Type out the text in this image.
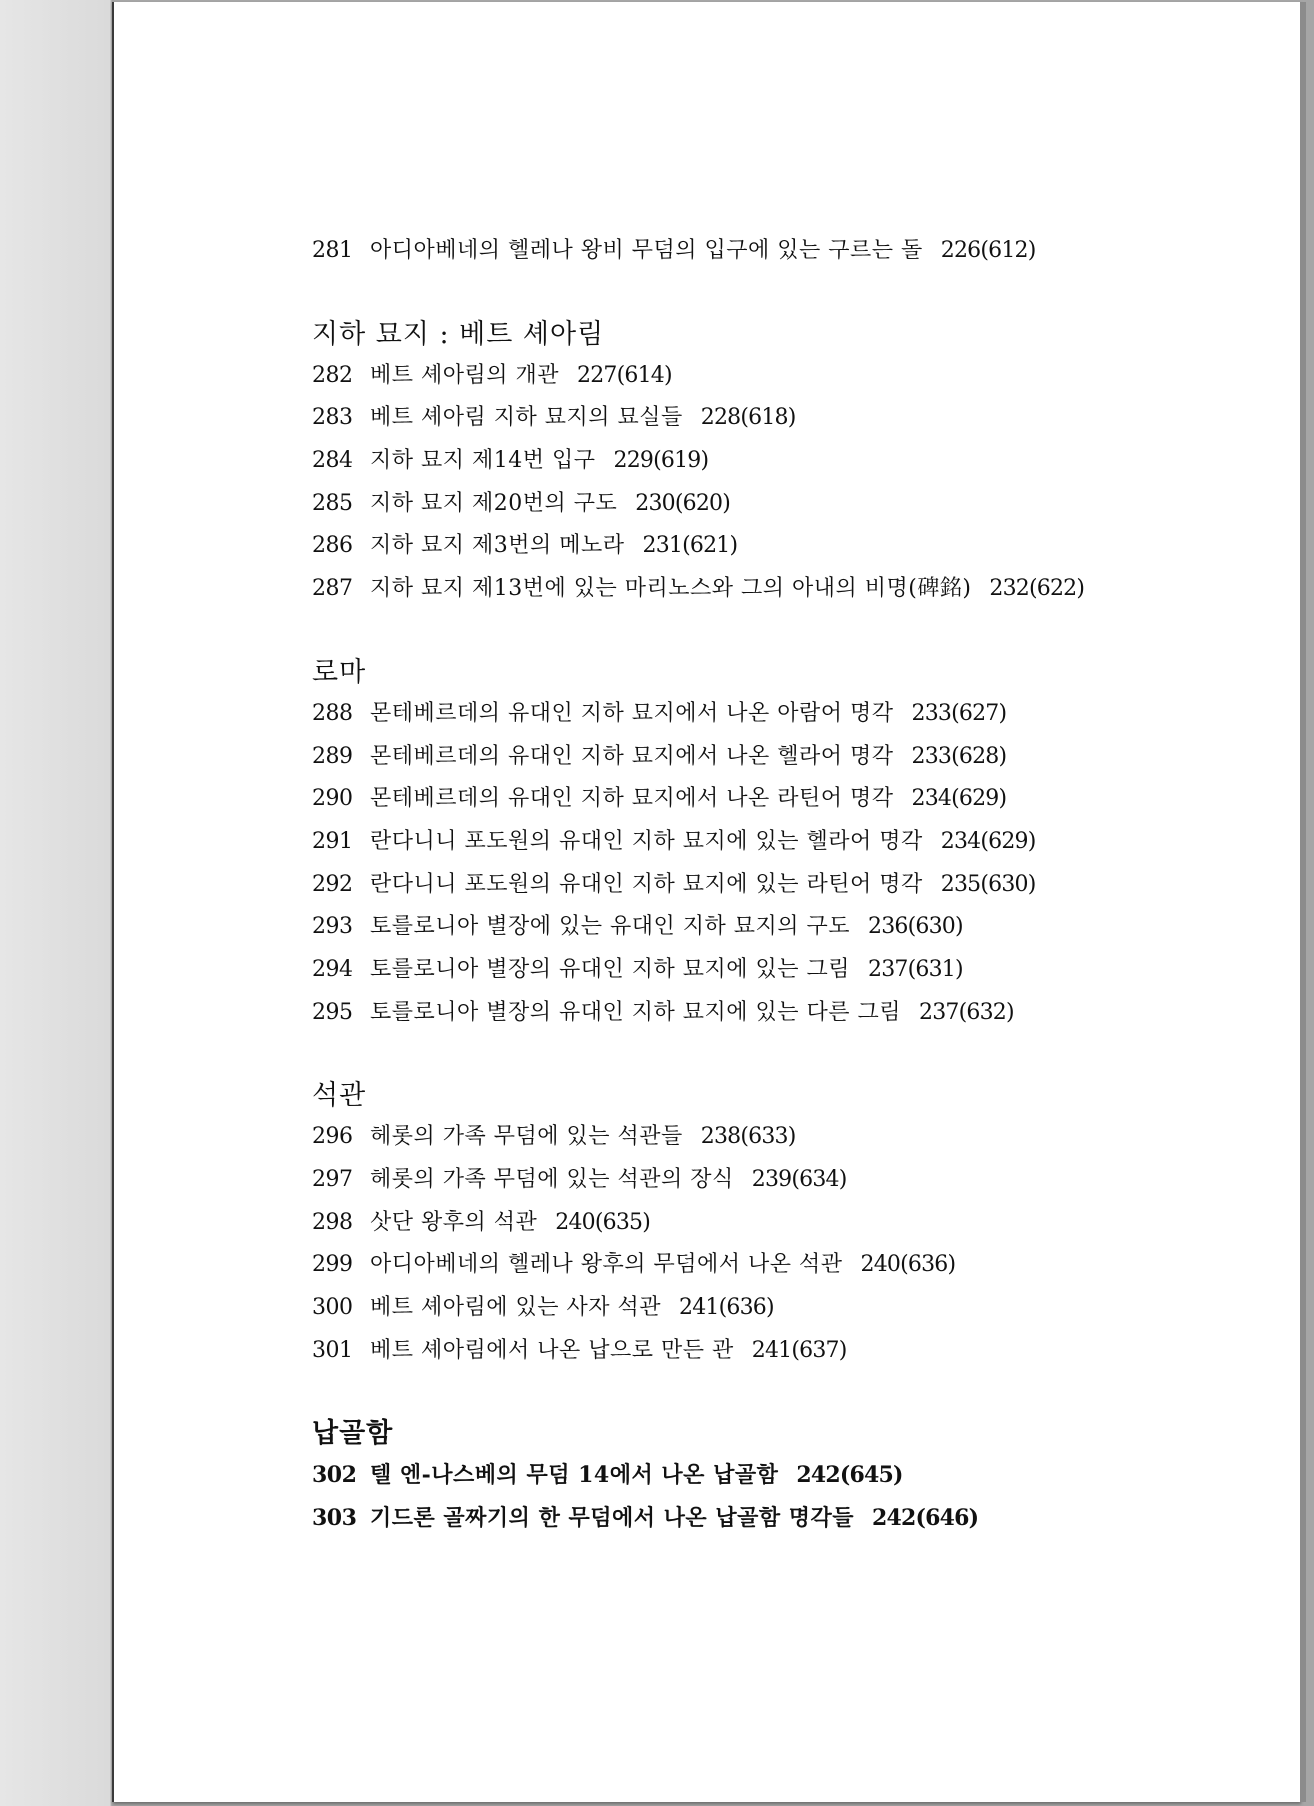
281 아디아베네의 헬레나 왕비 무덤의 입구에 있는 구르는 돌 226(612)
지하 묘지 : 베트 셰아림
282 베트 셰아림의 개관 227(614)
283 베트 셰아림 지하 묘지의 묘실들 228(618)
284 지하 묘지 제14번 입구 229(619)
285 지하 묘지 제20번의 구도 230(620)
286 지하 묘지 제3번의 메노라 231(621)
287 지하 묘지 제13번에 있는 마리노스와 그의 아내의 비명(碑銘) 232(622)
로마
288 몬테베르데의 유대인 지하 묘지에서 나온 아람어 명각 233(627)
289 몬테베르데의 유대인 지하 묘지에서 나온 헬라어 명각 233(628)
290 몬테베르데의 유대인 지하 묘지에서 나온 라틴어 명각 234(629)
291 란다니니 포도원의 유대인 지하 묘지에 있는 헬라어 명각 234(629)
292 란다니니 포도원의 유대인 지하 묘지에 있는 라틴어 명각 235(630)
293 토를로니아 별장에 있는 유대인 지하 묘지의 구도 236(630)
294 토를로니아 별장의 유대인 지하 묘지에 있는 그림 237(631)
295 토를로니아 별장의 유대인 지하 묘지에 있는 다른 그림 237(632)
석관
296 헤롯의 가족 무덤에 있는 석관들 238(633)
297 헤롯의 가족 무덤에 있는 석관의 장식 239(634)
298 삿단 왕후의 석관 240(635)
299 아디아베네의 헬레나 왕후의 무덤에서 나온 석관 240(636)
300 베트 셰아림에 있는 사자 석관 241(636)
301 베트 셰아림에서 나온 납으로 만든 관 241(637)
납골함
302 텔 엔-나스베의 무덤 14에서 나온 납골함 242(645)
303 기드론 골짜기의 한 무덤에서 나온 납골함 명각들 242(646)
